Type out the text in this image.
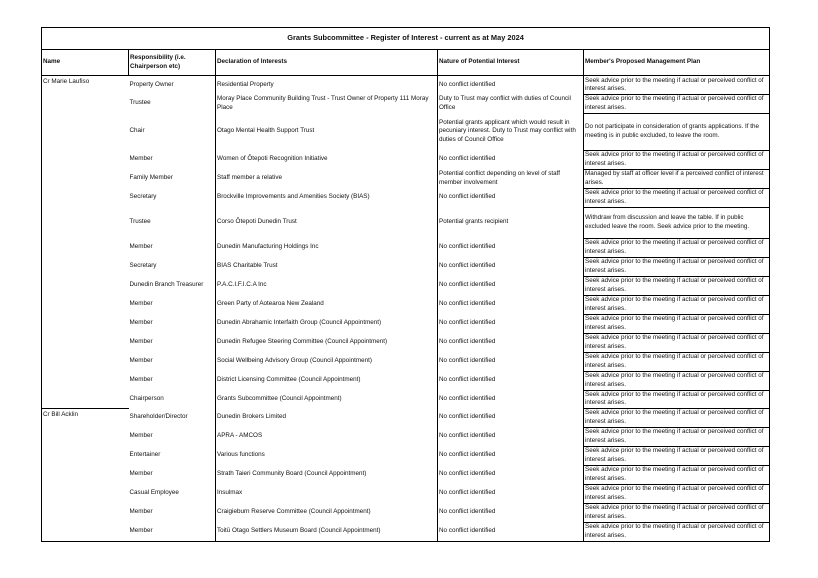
Grants Subcommittee - Register of Interest - current as at May 2024				
Name	Responsibility (i.e. Chairperson etc)	Declaration of Interests	Nature of Potential Interest	Member's Proposed Management Plan
Cr Marie Laufiso	Property Owner	Residential Property	No conflict identified	Seek advice prior to the meeting if actual or perceived conflict of interest arises.
	Trustee	Moray Place Community Building Trust - Trust Owner of Property 111 Moray Place	Duty to Trust may conflict with duties of Council Office	Seek advice prior to the meeting if actual or perceived conflict of interest arises.
	Chair	Otago Mental Health Support Trust	Potential grants applicant which would result in pecuniary interest. Duty to Trust may conflict with duties of Council Office	Do not participate in consideration of grants applications. If the meeting is in public excluded, to leave the room.
	Member	Women of Ōtepoti Recognition Initiative	No conflict identified	Seek advice prior to the meeting if actual or perceived conflict of interest arises.
	Family Member	Staff member a relative	Potential conflict depending on level of staff member involvement	Managed by staff at officer level if a perceived conflict of interest arises.
	Secretary	Brockville Improvements and Amenities Society (BIAS)	No conflict identified	Seek advice prior to the meeting if actual or perceived conflict of interest arises.
	Trustee	Corso Ōtepoti Dunedin Trust	Potential grants recipient	Withdraw from discussion and leave the table. If in public excluded leave the room. Seek advice prior to the meeting.
	Member	Dunedin Manufacturing Holdings Inc	No conflict identified	Seek advice prior to the meeting if actual or perceived conflict of interest arises.
	Secretary	BIAS Charitable Trust	No conflict identified	Seek advice prior to the meeting if actual or perceived conflict of interest arises.
	Dunedin Branch Treasurer	P.A.C.I.F.I.C.A Inc	No conflict identified	Seek advice prior to the meeting if actual or perceived conflict of interest arises.
	Member	Green Party of Aotearoa New Zealand	No conflict identified	Seek advice prior to the meeting if actual or perceived conflict of interest arises.
	Member	Dunedin Abrahamic Interfaith Group (Council Appointment)	No conflict identified	Seek advice prior to the meeting if actual or perceived conflict of interest arises.
	Member	Dunedin Refugee Steering Committee (Council Appointment)	No conflict identified	Seek advice prior to the meeting if actual or perceived conflict of interest arises.
	Member	Social Wellbeing Advisory Group (Council Appointment)	No conflict identified	Seek advice prior to the meeting if actual or perceived conflict of interest arises.
	Member	District Licensing Committee (Council Appointment)	No conflict identified	Seek advice prior to the meeting if actual or perceived conflict of interest arises.
	Chairperson	Grants Subcommittee (Council Appointment)	No conflict identified	Seek advice prior to the meeting if actual or perceived conflict of interest arises.
Cr Bill Acklin	Shareholder/Director	Dunedin Brokers Limited	No conflict identified	Seek advice prior to the meeting if actual or perceived conflict of interest arises.
	Member	APRA - AMCOS	No conflict identified	Seek advice prior to the meeting if actual or perceived conflict of interest arises.
	Entertainer	Various functions	No conflict identified	Seek advice prior to the meeting if actual or perceived conflict of interest arises.
	Member	Strath Taieri Community Board (Council Appointment)	No conflict identified	Seek advice prior to the meeting if actual or perceived conflict of interest arises.
	Casual Employee	Insulmax	No conflict identified	Seek advice prior to the meeting if actual or perceived conflict of interest arises.
	Member	Craigieburn Reserve Committee (Council Appointment)	No conflict identified	Seek advice prior to the meeting if actual or perceived conflict of interest arises.
	Member	Toitū Otago Settlers Museum Board (Council Appointment)	No conflict identified	Seek advice prior to the meeting if actual or perceived conflict of interest arises.
